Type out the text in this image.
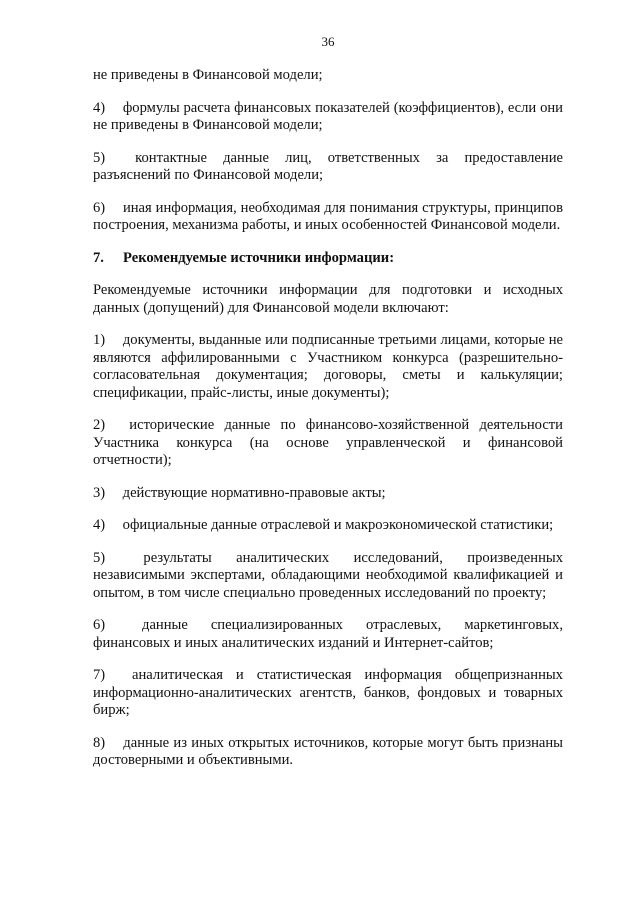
36

не приведены в Финансовой модели;

4) формулы расчета финансовых показателей (коэффициентов), если они не приведены в Финансовой модели;

5) контактные данные лиц, ответственных за предоставление разъяснений по Финансовой модели;

6) иная информация, необходимая для понимания структуры, принципов построения, механизма работы, и иных особенностей Финансовой модели.

7. Рекомендуемые источники информации:

Рекомендуемые источники информации для подготовки и исходных данных (допущений) для Финансовой модели включают:

1) документы, выданные или подписанные третьими лицами, которые не являются аффилированными с Участником конкурса (разрешительно-согласовательная документация; договоры, сметы и калькуляции; спецификации, прайс-листы, иные документы);

2) исторические данные по финансово-хозяйственной деятельности Участника конкурса (на основе управленческой и финансовой отчетности);

3) действующие нормативно-правовые акты;

4) официальные данные отраслевой и макроэкономической статистики;

5)	результаты аналитических исследований, произведенных независимыми экспертами, обладающими необходимой квалификацией и опытом, в том числе специально проведенных исследований по проекту;

6)	данные специализированных отраслевых, маркетинговых, финансовых и иных аналитических изданий и Интернет-сайтов;

7) аналитическая и статистическая информация общепризнанных информационно-аналитических агентств, банков, фондовых и товарных бирж;

8) данные из иных открытых источников, которые могут быть признаны достоверными и объективными.
